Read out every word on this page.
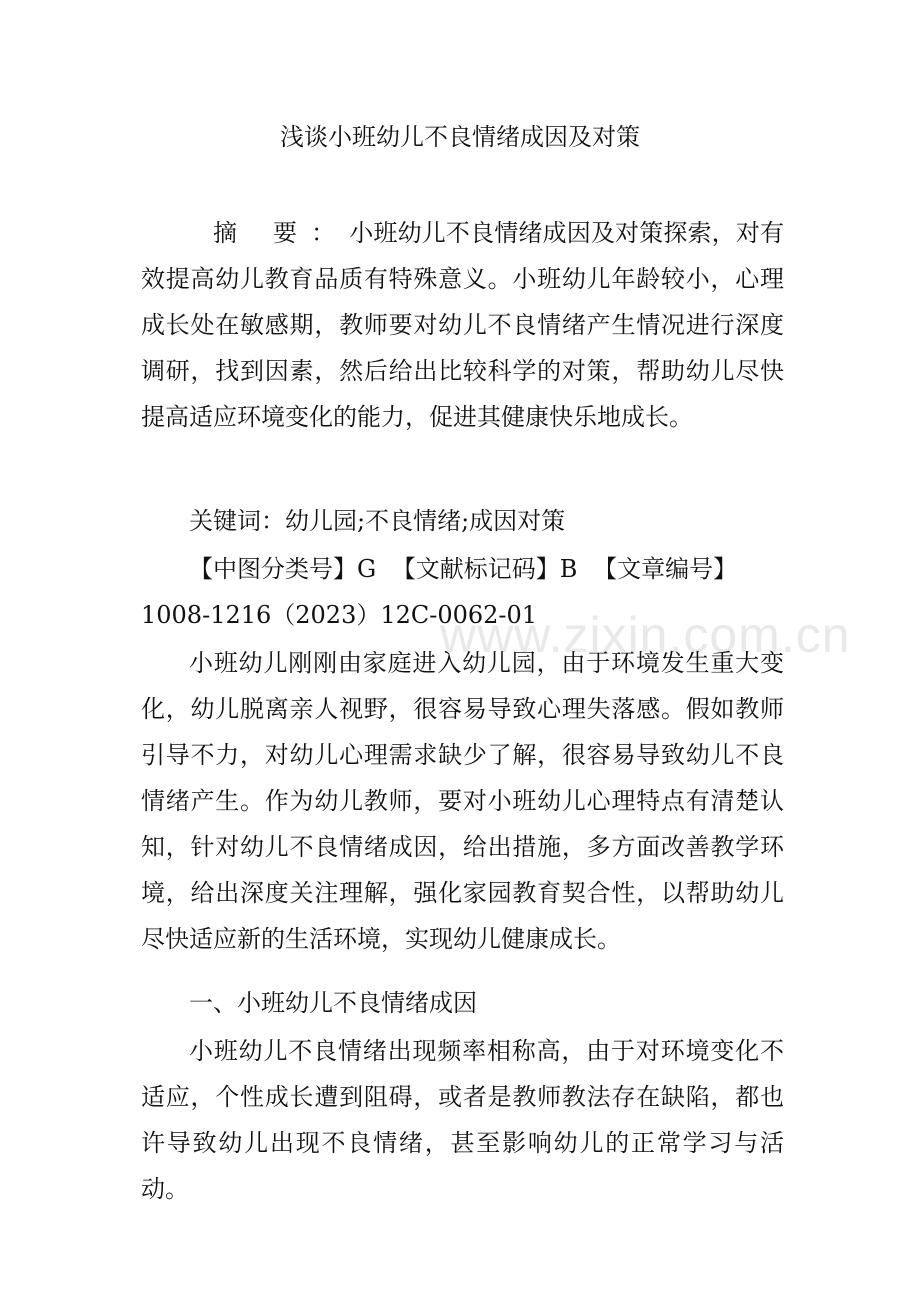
www.zixin.com.cn
浅谈小班幼儿不良情绪成因及对策
摘 要：小班幼儿不良情绪成因及对策探索，对有效提高幼儿教育品质有特殊意义。小班幼儿年龄较小，心理成长处在敏感期，教师要对幼儿不良情绪产生情况进行深度调研，找到因素，然后给出比较科学的对策，帮助幼儿尽快提高适应环境变化的能力，促进其健康快乐地成长。
关键词：幼儿园;不良情绪;成因对策
【中图分类号】G 【文献标记码】B 【文章编号】
1008-1216（2023）12C-0062-01
小班幼儿刚刚由家庭进入幼儿园，由于环境发生重大变化，幼儿脱离亲人视野，很容易导致心理失落感。假如教师引导不力，对幼儿心理需求缺少了解，很容易导致幼儿不良情绪产生。作为幼儿教师，要对小班幼儿心理特点有清楚认知，针对幼儿不良情绪成因，给出措施，多方面改善教学环境，给出深度关注理解，强化家园教育契合性，以帮助幼儿尽快适应新的生活环境，实现幼儿健康成长。
一、小班幼儿不良情绪成因
小班幼儿不良情绪出现频率相称高，由于对环境变化不适应，个性成长遭到阻碍，或者是教师教法存在缺陷，都也许导致幼儿出现不良情绪，甚至影响幼儿的正常学习与活动。
